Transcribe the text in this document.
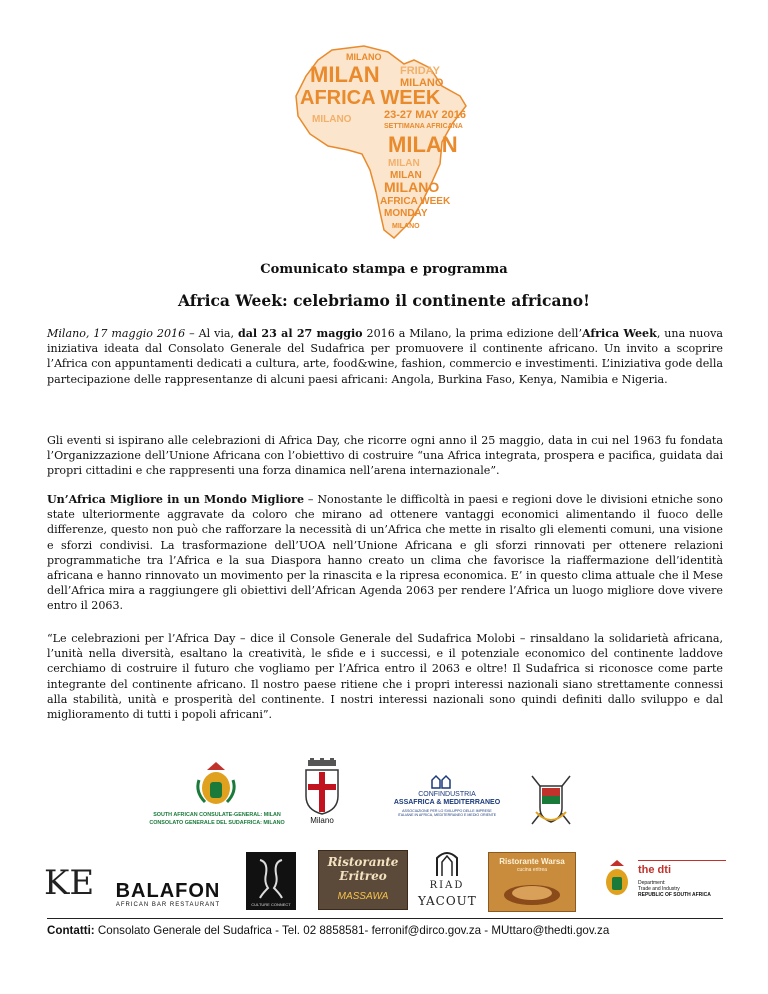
MILANO
MILAN FRIDAY
MILANO
AFRICA WEEK
23-27 MAY 2016
MILANO
SETTIMANA AFRICANA
MILAN
MILAN
MILAN
MILANO
AFRICA WEEK
MONDAY
MILANO
Comunicato stampa e programma
Africa Week: celebriamo il continente africano!
Milano, 17 maggio 2016 – Al via, dal 23 al 27 maggio 2016 a Milano, la prima edizione dell’Africa Week, una nuova iniziativa ideata dal Consolato Generale del Sudafrica per promuovere il continente africano. Un invito a scoprire l’Africa con appuntamenti dedicati a cultura, arte, food&wine, fashion, commercio e investimenti. L’iniziativa gode della partecipazione delle rappresentanze di alcuni paesi africani: Angola, Burkina Faso, Kenya, Namibia e Nigeria.
Gli eventi si ispirano alle celebrazioni di Africa Day, che ricorre ogni anno il 25 maggio, data in cui nel 1963 fu fondata l’Organizzazione dell’Unione Africana con l’obiettivo di costruire “una Africa integrata, prospera e pacifica, guidata dai propri cittadini e che rappresenti una forza dinamica nell’arena internazionale”.
Un’Africa Migliore in un Mondo Migliore – Nonostante le difficoltà in paesi e regioni dove le divisioni etniche sono state ulteriormente aggravate da coloro che mirano ad ottenere vantaggi economici alimentando il fuoco delle differenze, questo non può che rafforzare la necessità di un’Africa che mette in risalto gli elementi comuni, una visione e sforzi condivisi. La trasformazione dell’UOA nell’Unione Africana e gli sforzi rinnovati per ottenere relazioni programmatiche tra l’Africa e la sua Diaspora hanno creato un clima che favorisce la riaffermazione dell’identità africana e hanno rinnovato un movimento per la rinascita e la ripresa economica. E’ in questo clima attuale che il Mese dell’Africa mira a raggiungere gli obiettivi dell’African Agenda 2063 per rendere l’Africa un luogo migliore dove vivere entro il 2063.
“Le celebrazioni per l’Africa Day – dice il Console Generale del Sudafrica Molobi – rinsaldano la solidarietà africana, l’unità nella diversità, esaltano la creatività, le sfide e i successi, e il potenziale economico del continente laddove cerchiamo di costruire il futuro che vogliamo per l’Africa entro il 2063 e oltre! Il Sudafrica si riconosce come parte integrante del continente africano. Il nostro paese ritiene che i propri interessi nazionali siano strettamente connessi alla stabilità, unità e prosperità del continente. I nostri interessi nazionali sono quindi definiti dallo sviluppo e dal miglioramento di tutti i popoli africani”.
SOUTH AFRICAN CONSULATE-GENERAL: MILAN
CONSOLATO GENERALE DEL SUDAFRICA: MILANO	Milano
CONFINDUSTRIA
ASSAFRICA & MEDITERRANEO
ASSOCIAZIONE PER LO SVILUPPO DELLE IMPRESE ITALIANE IN AFRICA, MEDITERRANEO E MEDIO ORIENTE
KE	BALAFON
AFRICAN BAR RESTAURANT	CULTURE CONNECT
Ristorante
Eritreo
MASSAWA
RIAD
YACOUT
Ristorante Warsa
cucina eritrea	the dti
Department:
Trade and Industry
REPUBLIC OF SOUTH AFRICA
Contatti: Consolato Generale del Sudafrica - Tel. 02 8858581- ferronif@dirco.gov.za - MUttaro@thedti.gov.za
